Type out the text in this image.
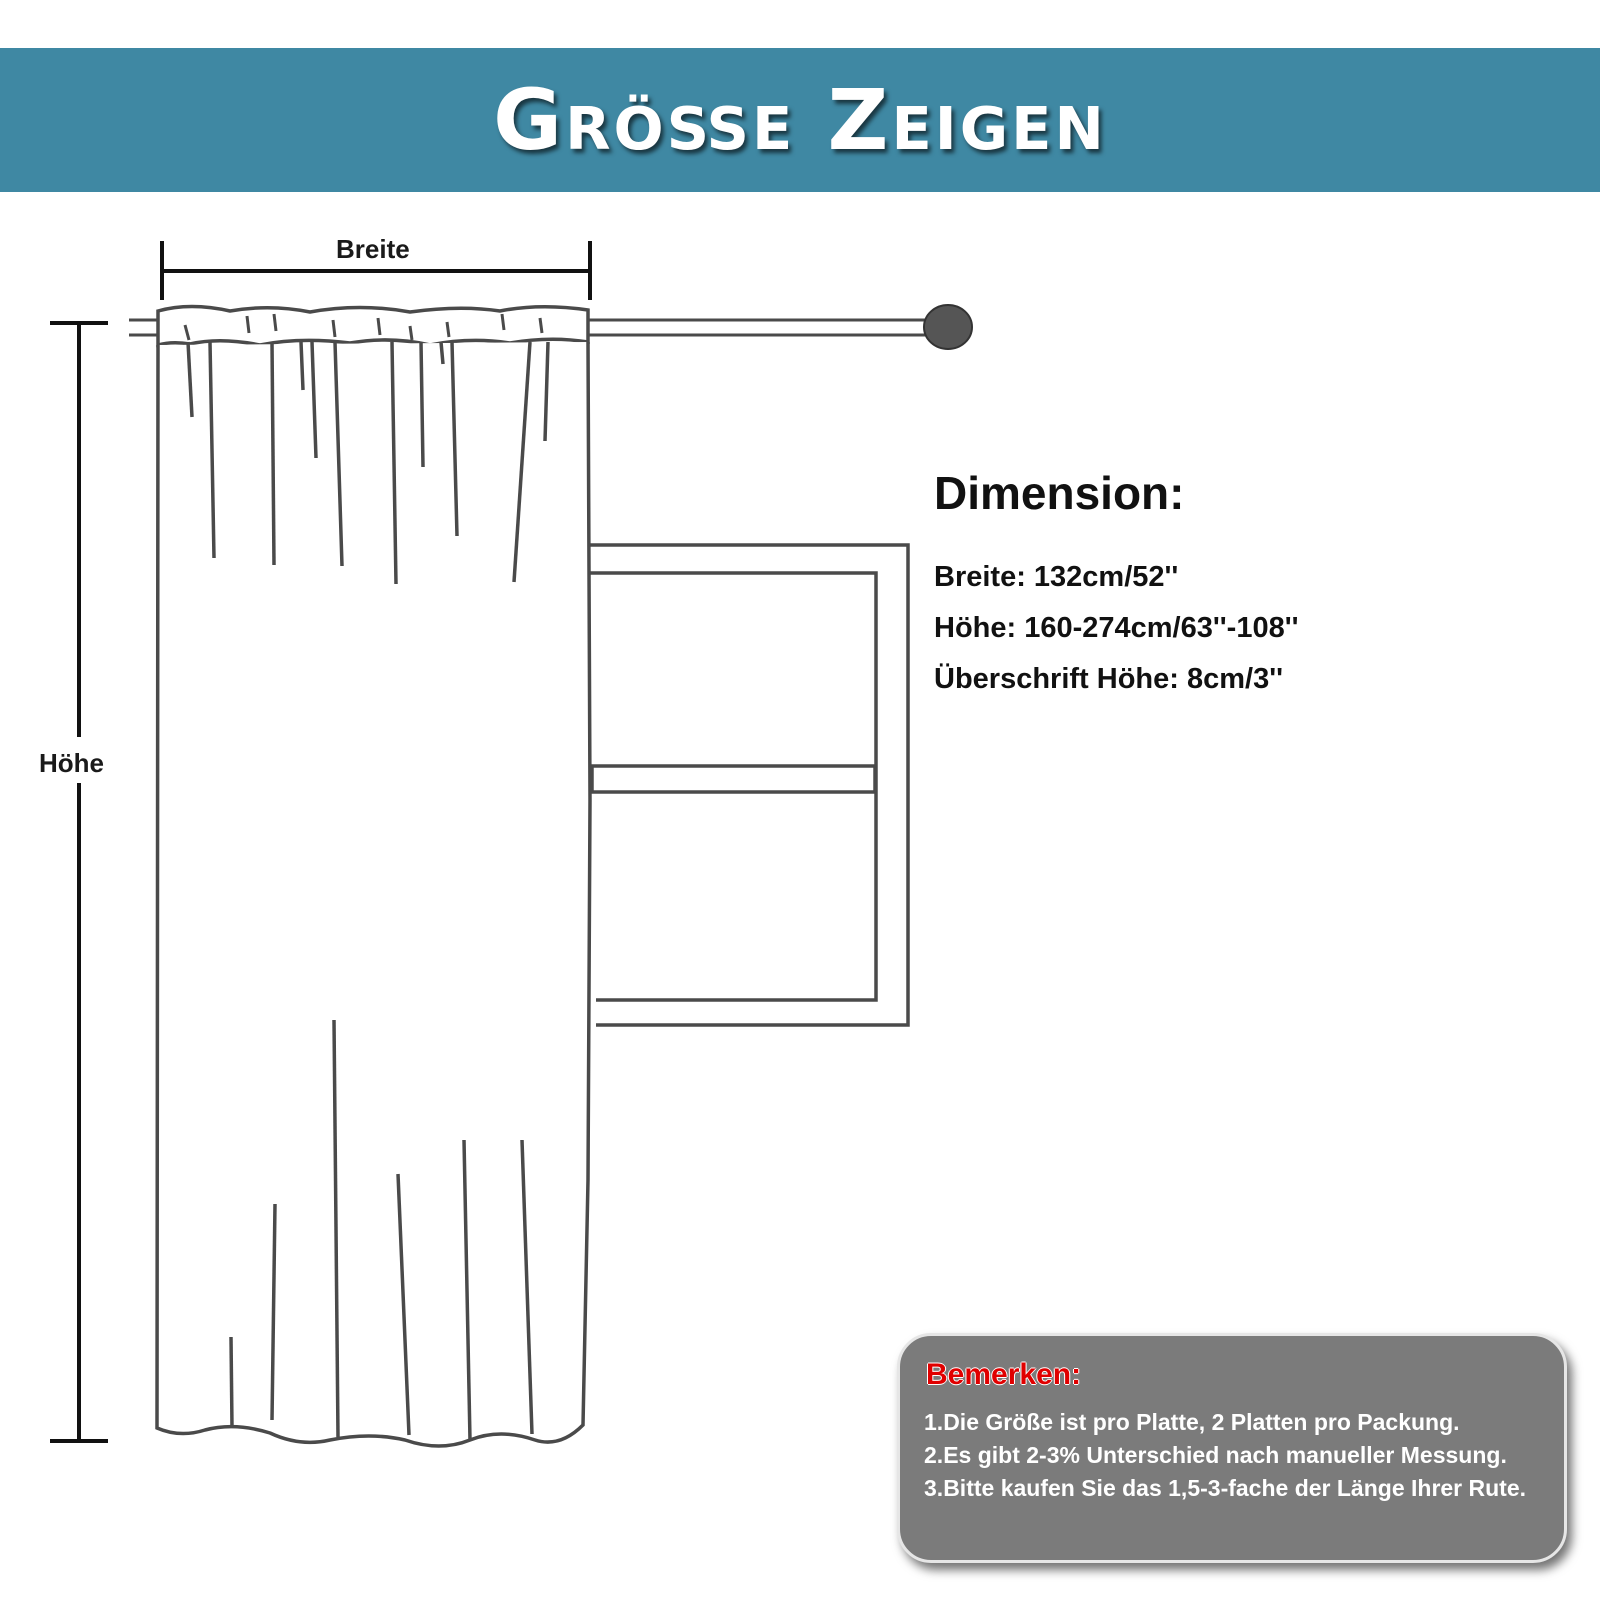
Größe Zeigen
Breite
Höhe
Dimension:
Breite: 132cm/52''
Höhe: 160-274cm/63''-108''
Überschrift Höhe: 8cm/3''
Bemerken:
1. Die Größe ist pro Platte, 2 Platten pro Packung.
2. Es gibt 2-3% Unterschied nach manueller Messung.
3. Bitte kaufen Sie das 1,5-3-fache der Länge Ihrer Rute.
